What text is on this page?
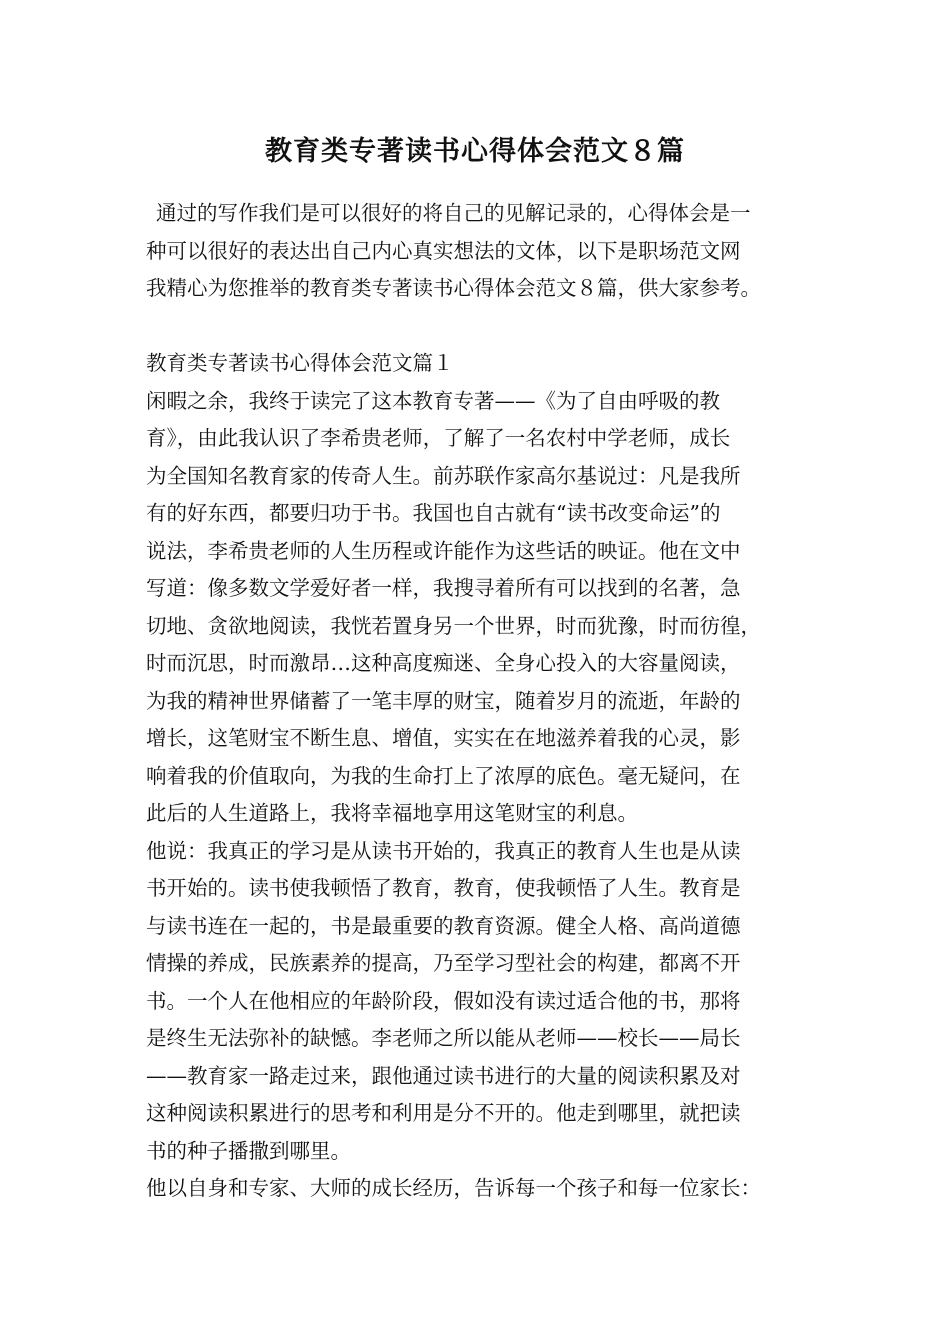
教育类专著读书心得体会范文８篇
通过的写作我们是可以很好的将自己的见解记录的，心得体会是一
种可以很好的表达出自己内心真实想法的文体，以下是职场范文网
我精心为您推举的教育类专著读书心得体会范文８篇，供大家参考。
教育类专著读书心得体会范文篇１
闲暇之余，我终于读完了这本教育专著——《为了自由呼吸的教
育》，由此我认识了李希贵老师，了解了一名农村中学老师，成长
为全国知名教育家的传奇人生。前苏联作家高尔基说过：凡是我所
有的好东西，都要归功于书。我国也自古就有“读书改变命运”的
说法，李希贵老师的人生历程或许能作为这些话的映证。他在文中
写道：像多数文学爱好者一样，我搜寻着所有可以找到的名著，急
切地、贪欲地阅读，我恍若置身另一个世界，时而犹豫，时而彷徨，
时而沉思，时而激昂…这种高度痴迷、全身心投入的大容量阅读，
为我的精神世界储蓄了一笔丰厚的财宝，随着岁月的流逝，年龄的
增长，这笔财宝不断生息、增值，实实在在地滋养着我的心灵，影
响着我的价值取向，为我的生命打上了浓厚的底色。毫无疑问，在
此后的人生道路上，我将幸福地享用这笔财宝的利息。
他说：我真正的学习是从读书开始的，我真正的教育人生也是从读
书开始的。读书使我顿悟了教育，教育，使我顿悟了人生。教育是
与读书连在一起的，书是最重要的教育资源。健全人格、高尚道德
情操的养成，民族素养的提高，乃至学习型社会的构建，都离不开
书。一个人在他相应的年龄阶段，假如没有读过适合他的书，那将
是终生无法弥补的缺憾。李老师之所以能从老师——校长——局长
——教育家一路走过来，跟他通过读书进行的大量的阅读积累及对
这种阅读积累进行的思考和利用是分不开的。他走到哪里，就把读
书的种子播撒到哪里。
他以自身和专家、大师的成长经历，告诉每一个孩子和每一位家长：
